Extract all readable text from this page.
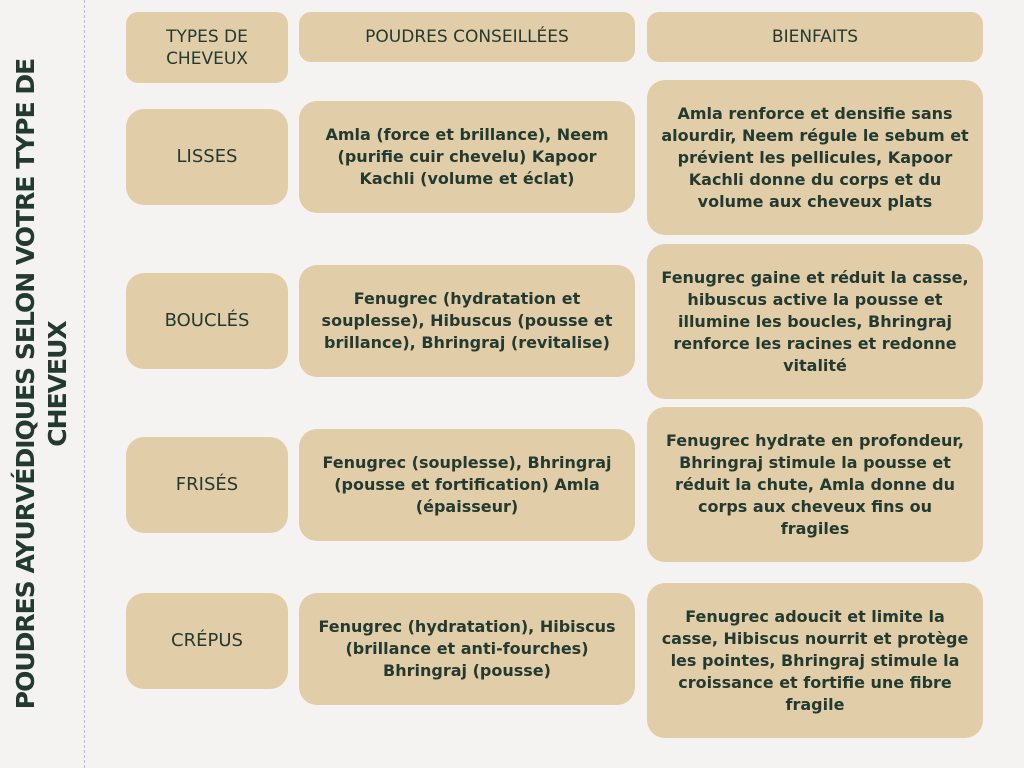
POUDRES AYURVÉDIQUES SELON VOTRE TYPE DE CHEVEUX
TYPES DE CHEVEUX
POUDRES CONSEILLÉES	BIENFAITS
LISSES
Amla (force et brillance), Neem (purifie cuir chevelu) Kapoor Kachli (volume et éclat)
Amla renforce et densifie sans alourdir, Neem régule le sebum et prévient les pellicules, Kapoor Kachli donne du corps et du volume aux cheveux plats
BOUCLÉS
Fenugrec (hydratation et souplesse), Hibuscus (pousse et brillance), Bhringraj (revitalise)
Fenugrec gaine et réduit la casse, hibuscus active la pousse et illumine les boucles, Bhringraj renforce les racines et redonne vitalité
FRISÉS
Fenugrec (souplesse), Bhringraj (pousse et fortification) Amla (épaisseur)
Fenugrec hydrate en profondeur, Bhringraj stimule la pousse et réduit la chute, Amla donne du corps aux cheveux fins ou fragiles
CRÉPUS
Fenugrec (hydratation), Hibiscus (brillance et anti-fourches) Bhringraj (pousse)
Fenugrec adoucit et limite la casse, Hibiscus nourrit et protège les pointes, Bhringraj stimule la croissance et fortifie une fibre fragile
